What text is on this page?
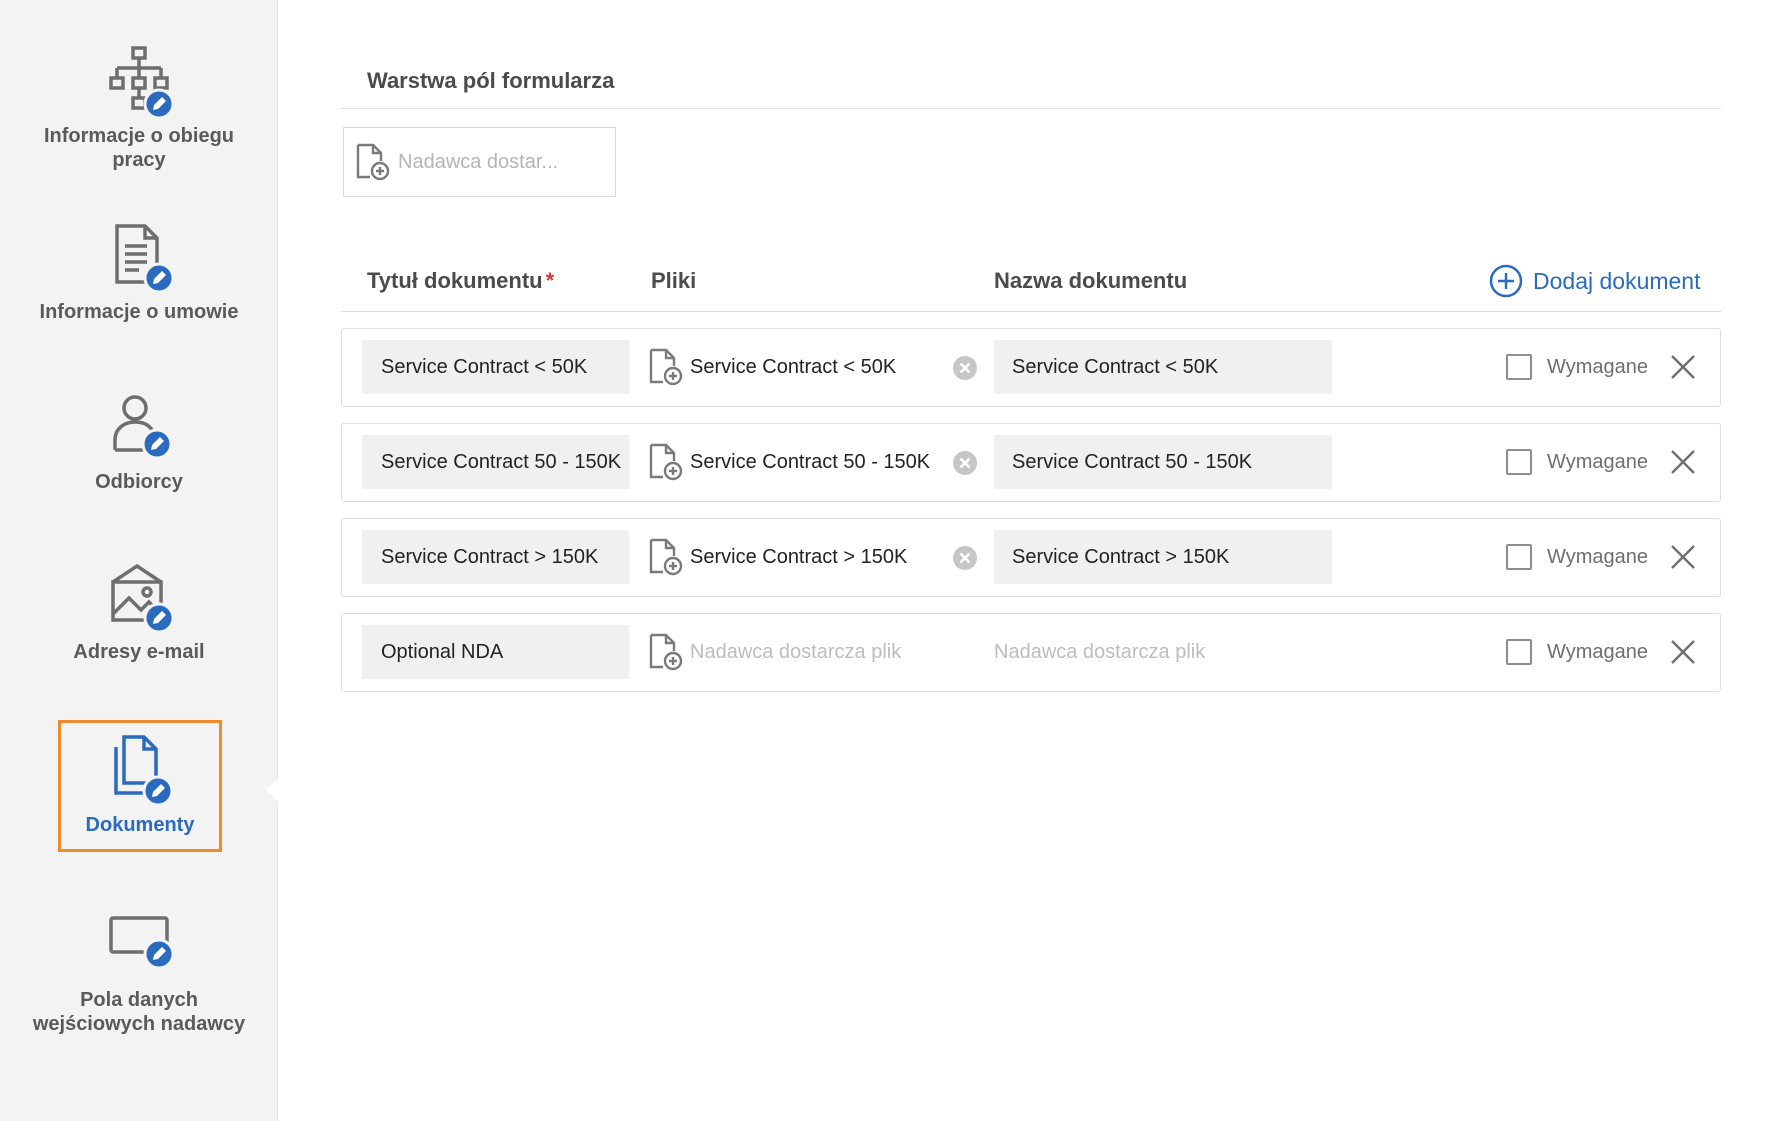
Informacje o obiegu pracy
Informacje o umowie
Odbiorcy
Adresy e-mail
Dokumenty
Pola danych wejściowych nadawcy
Warstwa pól formularza
Nadawca dostar...
Tytuł dokumentu *	Pliki	Nazwa dokumentu	Dodaj dokument
Service Contract < 50K	Service Contract < 50K	Service Contract < 50K	Wymagane
Service Contract 50 - 150K	Service Contract 50 - 150K	Service Contract 50 - 150K	Wymagane
Service Contract > 150K	Service Contract > 150K	Service Contract > 150K	Wymagane
Optional NDA	Nadawca dostarcza plik	Nadawca dostarcza plik	Wymagane
